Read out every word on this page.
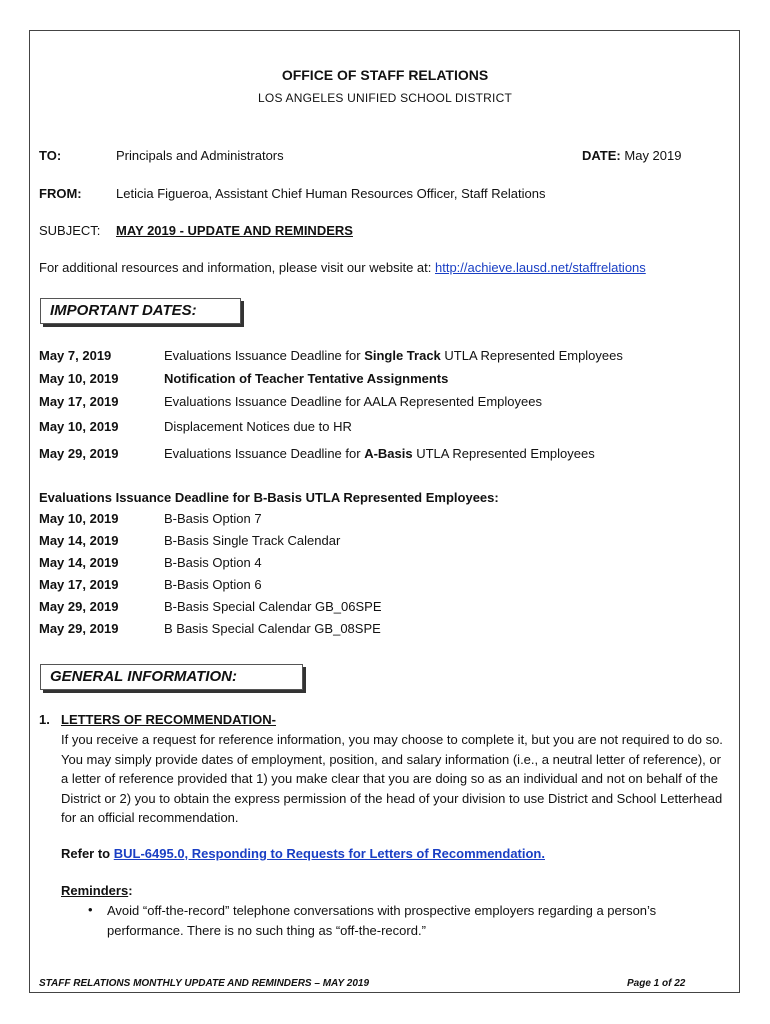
OFFICE OF STAFF RELATIONS
LOS ANGELES UNIFIED SCHOOL DISTRICT
TO:	Principals and Administrators	DATE: May 2019
FROM:	Leticia Figueroa, Assistant Chief Human Resources Officer, Staff Relations
SUBJECT: MAY 2019 - UPDATE AND REMINDERS
For additional resources and information, please visit our website at: http://achieve.lausd.net/staffrelations
IMPORTANT DATES:
May 7, 2019	Evaluations Issuance Deadline for Single Track UTLA Represented Employees
May 10, 2019	Notification of Teacher Tentative Assignments
May 17, 2019	Evaluations Issuance Deadline for AALA Represented Employees
May 10, 2019	Displacement Notices due to HR
May 29, 2019	Evaluations Issuance Deadline for A-Basis UTLA Represented Employees
Evaluations Issuance Deadline for B-Basis UTLA Represented Employees:
May 10, 2019	B-Basis Option 7
May 14, 2019	B-Basis Single Track Calendar
May 14, 2019	B-Basis Option 4
May 17, 2019	B-Basis Option 6
May 29, 2019	B-Basis Special Calendar GB_06SPE
May 29, 2019	B Basis Special Calendar GB_08SPE
GENERAL INFORMATION:
1. LETTERS OF RECOMMENDATION-
If you receive a request for reference information, you may choose to complete it, but you are not required to do so. You may simply provide dates of employment, position, and salary information (i.e., a neutral letter of reference), or a letter of reference provided that 1) you make clear that you are doing so as an individual and not on behalf of the District or 2) you to obtain the express permission of the head of your division to use District and School Letterhead for an official recommendation.
Refer to BUL-6495.0, Responding to Requests for Letters of Recommendation.
Reminders:
• Avoid “off-the-record” telephone conversations with prospective employers regarding a person’s performance. There is no such thing as “off-the-record.”
STAFF RELATIONS MONTHLY UPDATE AND REMINDERS – MAY 2019	Page 1 of 22
